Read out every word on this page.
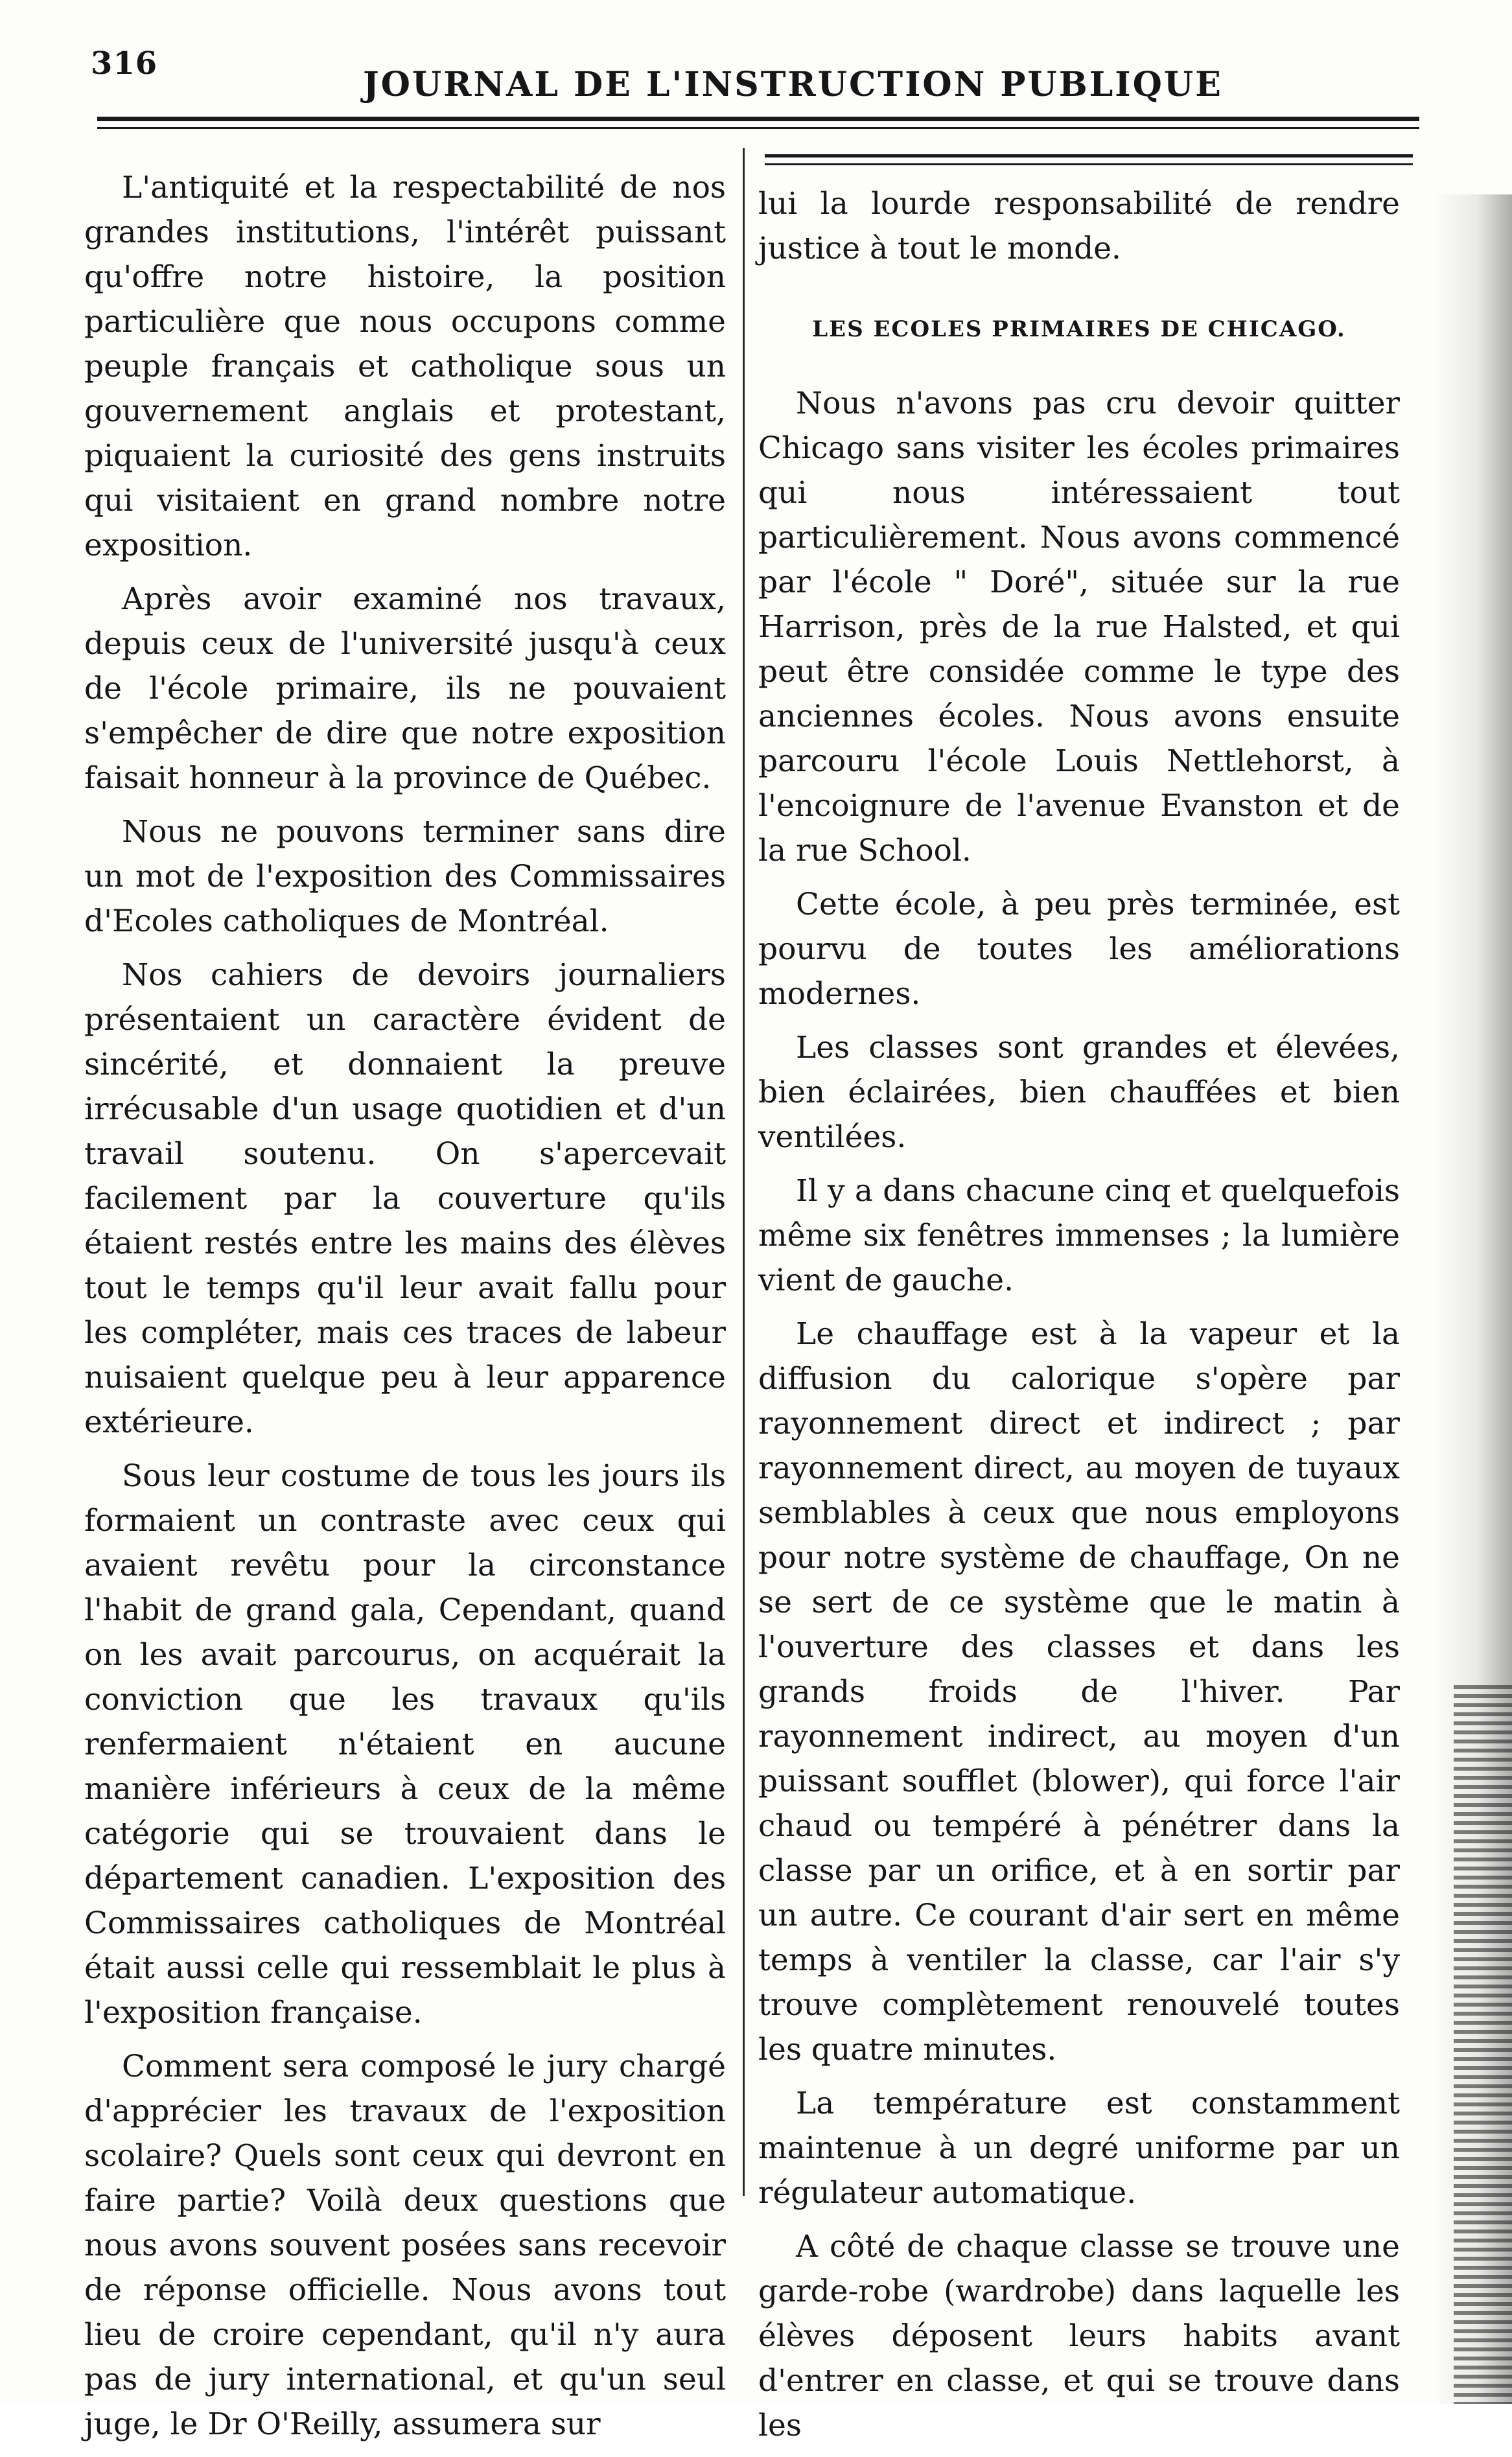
316
JOURNAL DE L'INSTRUCTION PUBLIQUE

L'antiquité et la respectabilité de nos grandes institutions, l'intérêt puissant qu'offre notre histoire, la position particulière que nous occupons comme peuple français et catholique sous un gouvernement anglais et protestant, piquaient la curiosité des gens instruits qui visitaient en grand nombre notre exposition.

Après avoir examiné nos travaux, depuis ceux de l'université jusqu'à ceux de l'école primaire, ils ne pouvaient s'empêcher de dire que notre exposition faisait honneur à la province de Québec.

Nous ne pouvons terminer sans dire un mot de l'exposition des Commissaires d'Ecoles catholiques de Montréal.

Nos cahiers de devoirs journaliers présentaient un caractère évident de sincérité, et donnaient la preuve irrécusable d'un usage quotidien et d'un travail soutenu. On s'apercevait facilement par la couverture qu'ils étaient restés entre les mains des élèves tout le temps qu'il leur avait fallu pour les compléter, mais ces traces de labeur nuisaient quelque peu à leur apparence extérieure.

Sous leur costume de tous les jours ils formaient un contraste avec ceux qui avaient revêtu pour la circonstance l'habit de grand gala, Cependant, quand on les avait parcourus, on acquérait la conviction que les travaux qu'ils renfermaient n'étaient en aucune manière inférieurs à ceux de la même catégorie qui se trouvaient dans le département canadien. L'exposition des Commissaires catholiques de Montréal était aussi celle qui ressemblait le plus à l'exposition française.

Comment sera composé le jury chargé d'apprécier les travaux de l'exposition scolaire? Quels sont ceux qui devront en faire partie? Voilà deux questions que nous avons souvent posées sans recevoir de réponse officielle. Nous avons tout lieu de croire cependant, qu'il n'y aura pas de jury international, et qu'un seul juge, le Dr O'Reilly, assumera sur

lui la lourde responsabilité de rendre justice à tout le monde.

LES ECOLES PRIMAIRES DE CHICAGO.

Nous n'avons pas cru devoir quitter Chicago sans visiter les écoles primaires qui nous intéressaient tout particulièrement. Nous avons commencé par l'école " Doré", située sur la rue Harrison, près de la rue Halsted, et qui peut être considée comme le type des anciennes écoles. Nous avons ensuite parcouru l'école Louis Nettlehorst, à l'encoignure de l'avenue Evanston et de la rue School.

Cette école, à peu près terminée, est pourvu de toutes les améliorations modernes.

Les classes sont grandes et élevées, bien éclairées, bien chauffées et bien ventilées.

Il y a dans chacune cinq et quelquefois même six fenêtres immenses ; la lumière vient de gauche.

Le chauffage est à la vapeur et la diffusion du calorique s'opère par rayonnement direct et indirect ; par rayonnement direct, au moyen de tuyaux semblables à ceux que nous employons pour notre système de chauffage, On ne se sert de ce système que le matin à l'ouverture des classes et dans les grands froids de l'hiver. Par rayonnement indirect, au moyen d'un puissant soufflet (blower), qui force l'air chaud ou tempéré à pénétrer dans la classe par un orifice, et à en sortir par un autre. Ce courant d'air sert en même temps à ventiler la classe, car l'air s'y trouve complètement renouvelé toutes les quatre minutes.

La température est constamment maintenue à un degré uniforme par un régulateur automatique.

A côté de chaque classe se trouve une garde-robe (wardrobe) dans laquelle les élèves déposent leurs habits avant d'entrer en classe, et qui se trouve dans les
